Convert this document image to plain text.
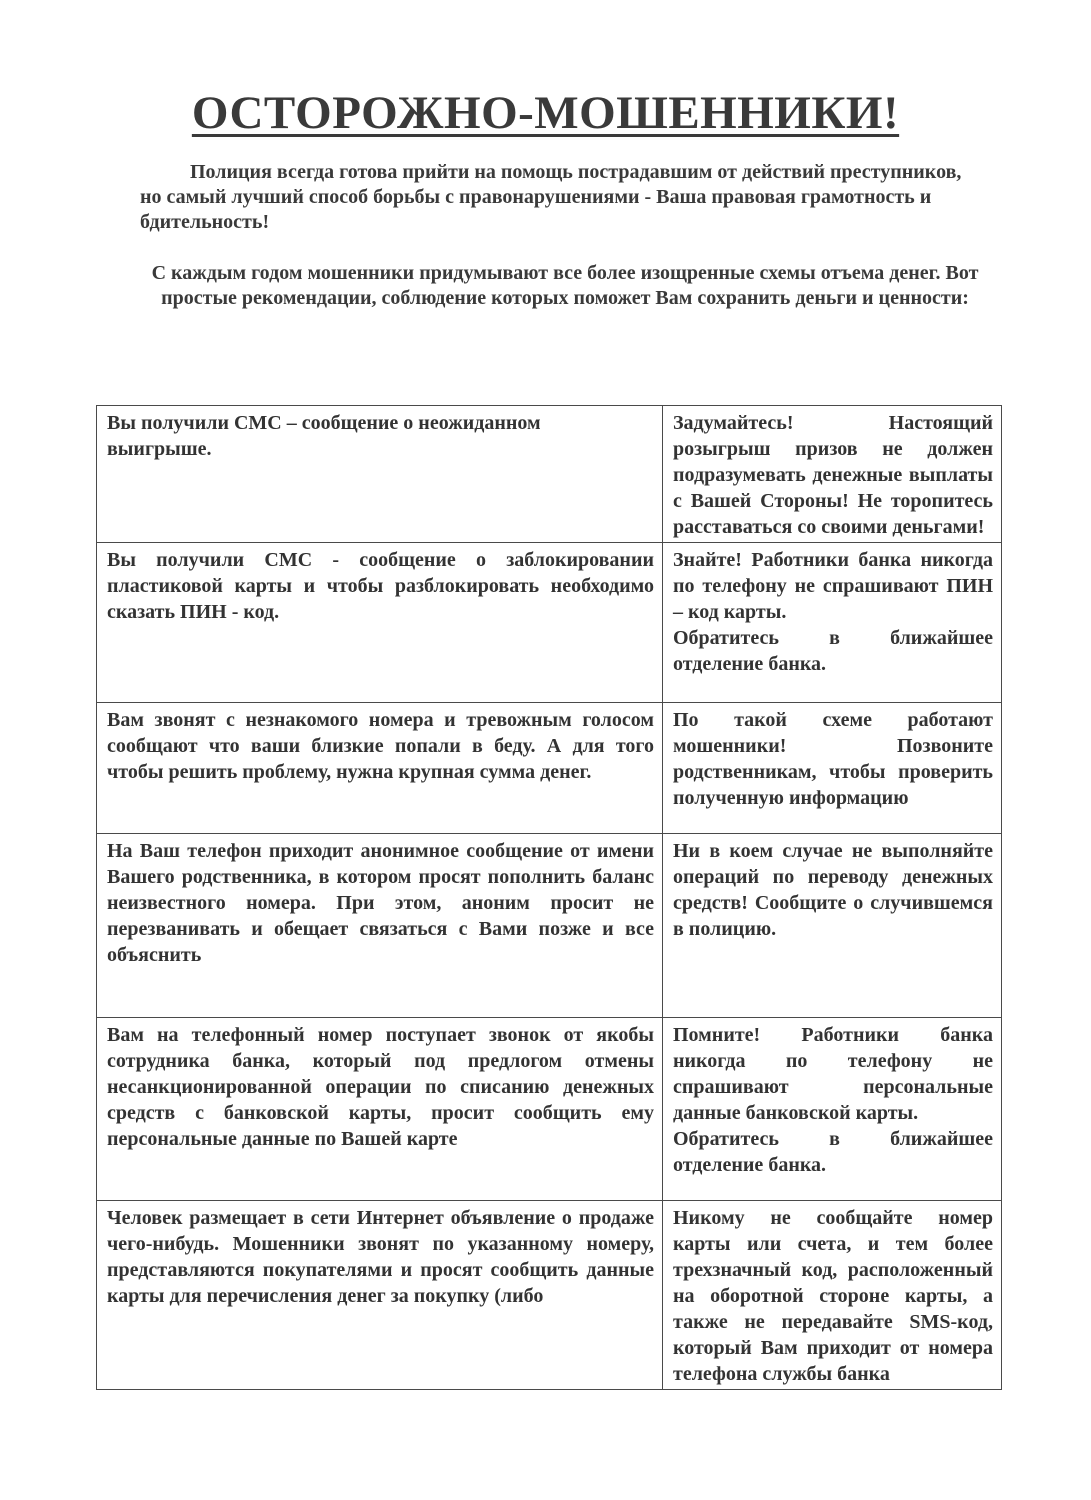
ОСТОРОЖНО-МОШЕННИКИ!
Полиция всегда готова прийти на помощь пострадавшим от действий преступников, но самый лучший способ борьбы с правонарушениями - Ваша правовая грамотность и бдительность!
С каждым годом мошенники придумывают все более изощренные схемы отъема денег. Вот простые рекомендации, соблюдение которых поможет Вам сохранить деньги и ценности:
Вы получили СМС – сообщение о неожиданном выигрыше.	Задумайтесь! Настоящий розыгрыш призов не должен подразумевать денежные выплаты с Вашей Стороны! Не торопитесь расставаться со своими деньгами!
Вы получили СМС - сообщение о заблокировании пластиковой карты и чтобы разблокировать необходимо сказать ПИН - код.	Знайте! Работники банка никогда по телефону не спрашивают ПИН – код карты.
Обратитесь в ближайшее отделение банка.

Вам звонят с незнакомого номера и тревожным голосом сообщают что ваши близкие попали в беду. А для того чтобы решить проблему, нужна крупная сумма денег.	По такой схеме работают мошенники! Позвоните родственникам, чтобы проверить полученную информацию
На Ваш телефон приходит анонимное сообщение от имени Вашего родственника, в котором просят пополнить баланс неизвестного номера. При этом, аноним просит не перезванивать и обещает связаться с Вами позже и все объяснить	Ни в коем случае не выполняйте операций по переводу денежных средств! Сообщите о случившемся в полицию.
Вам на телефонный номер поступает звонок от якобы сотрудника банка, который под предлогом отмены несанкционированной операции по списанию денежных средств с банковской карты, просит сообщить ему персональные данные по Вашей карте	Помните! Работники банка никогда по телефону не спрашивают персональные данные банковской карты.
Обратитесь в ближайшее отделение банка.

Человек размещает в сети Интернет объявление о продаже чего-нибудь. Мошенники звонят по указанному номеру, представляются покупателями и просят сообщить данные карты для перечисления денег за покупку (либо	Никому не сообщайте номер карты или счета, и тем более трехзначный код, расположенный на оборотной стороне карты, а также не передавайте SMS-код, который Вам приходит от номера телефона службы банка
